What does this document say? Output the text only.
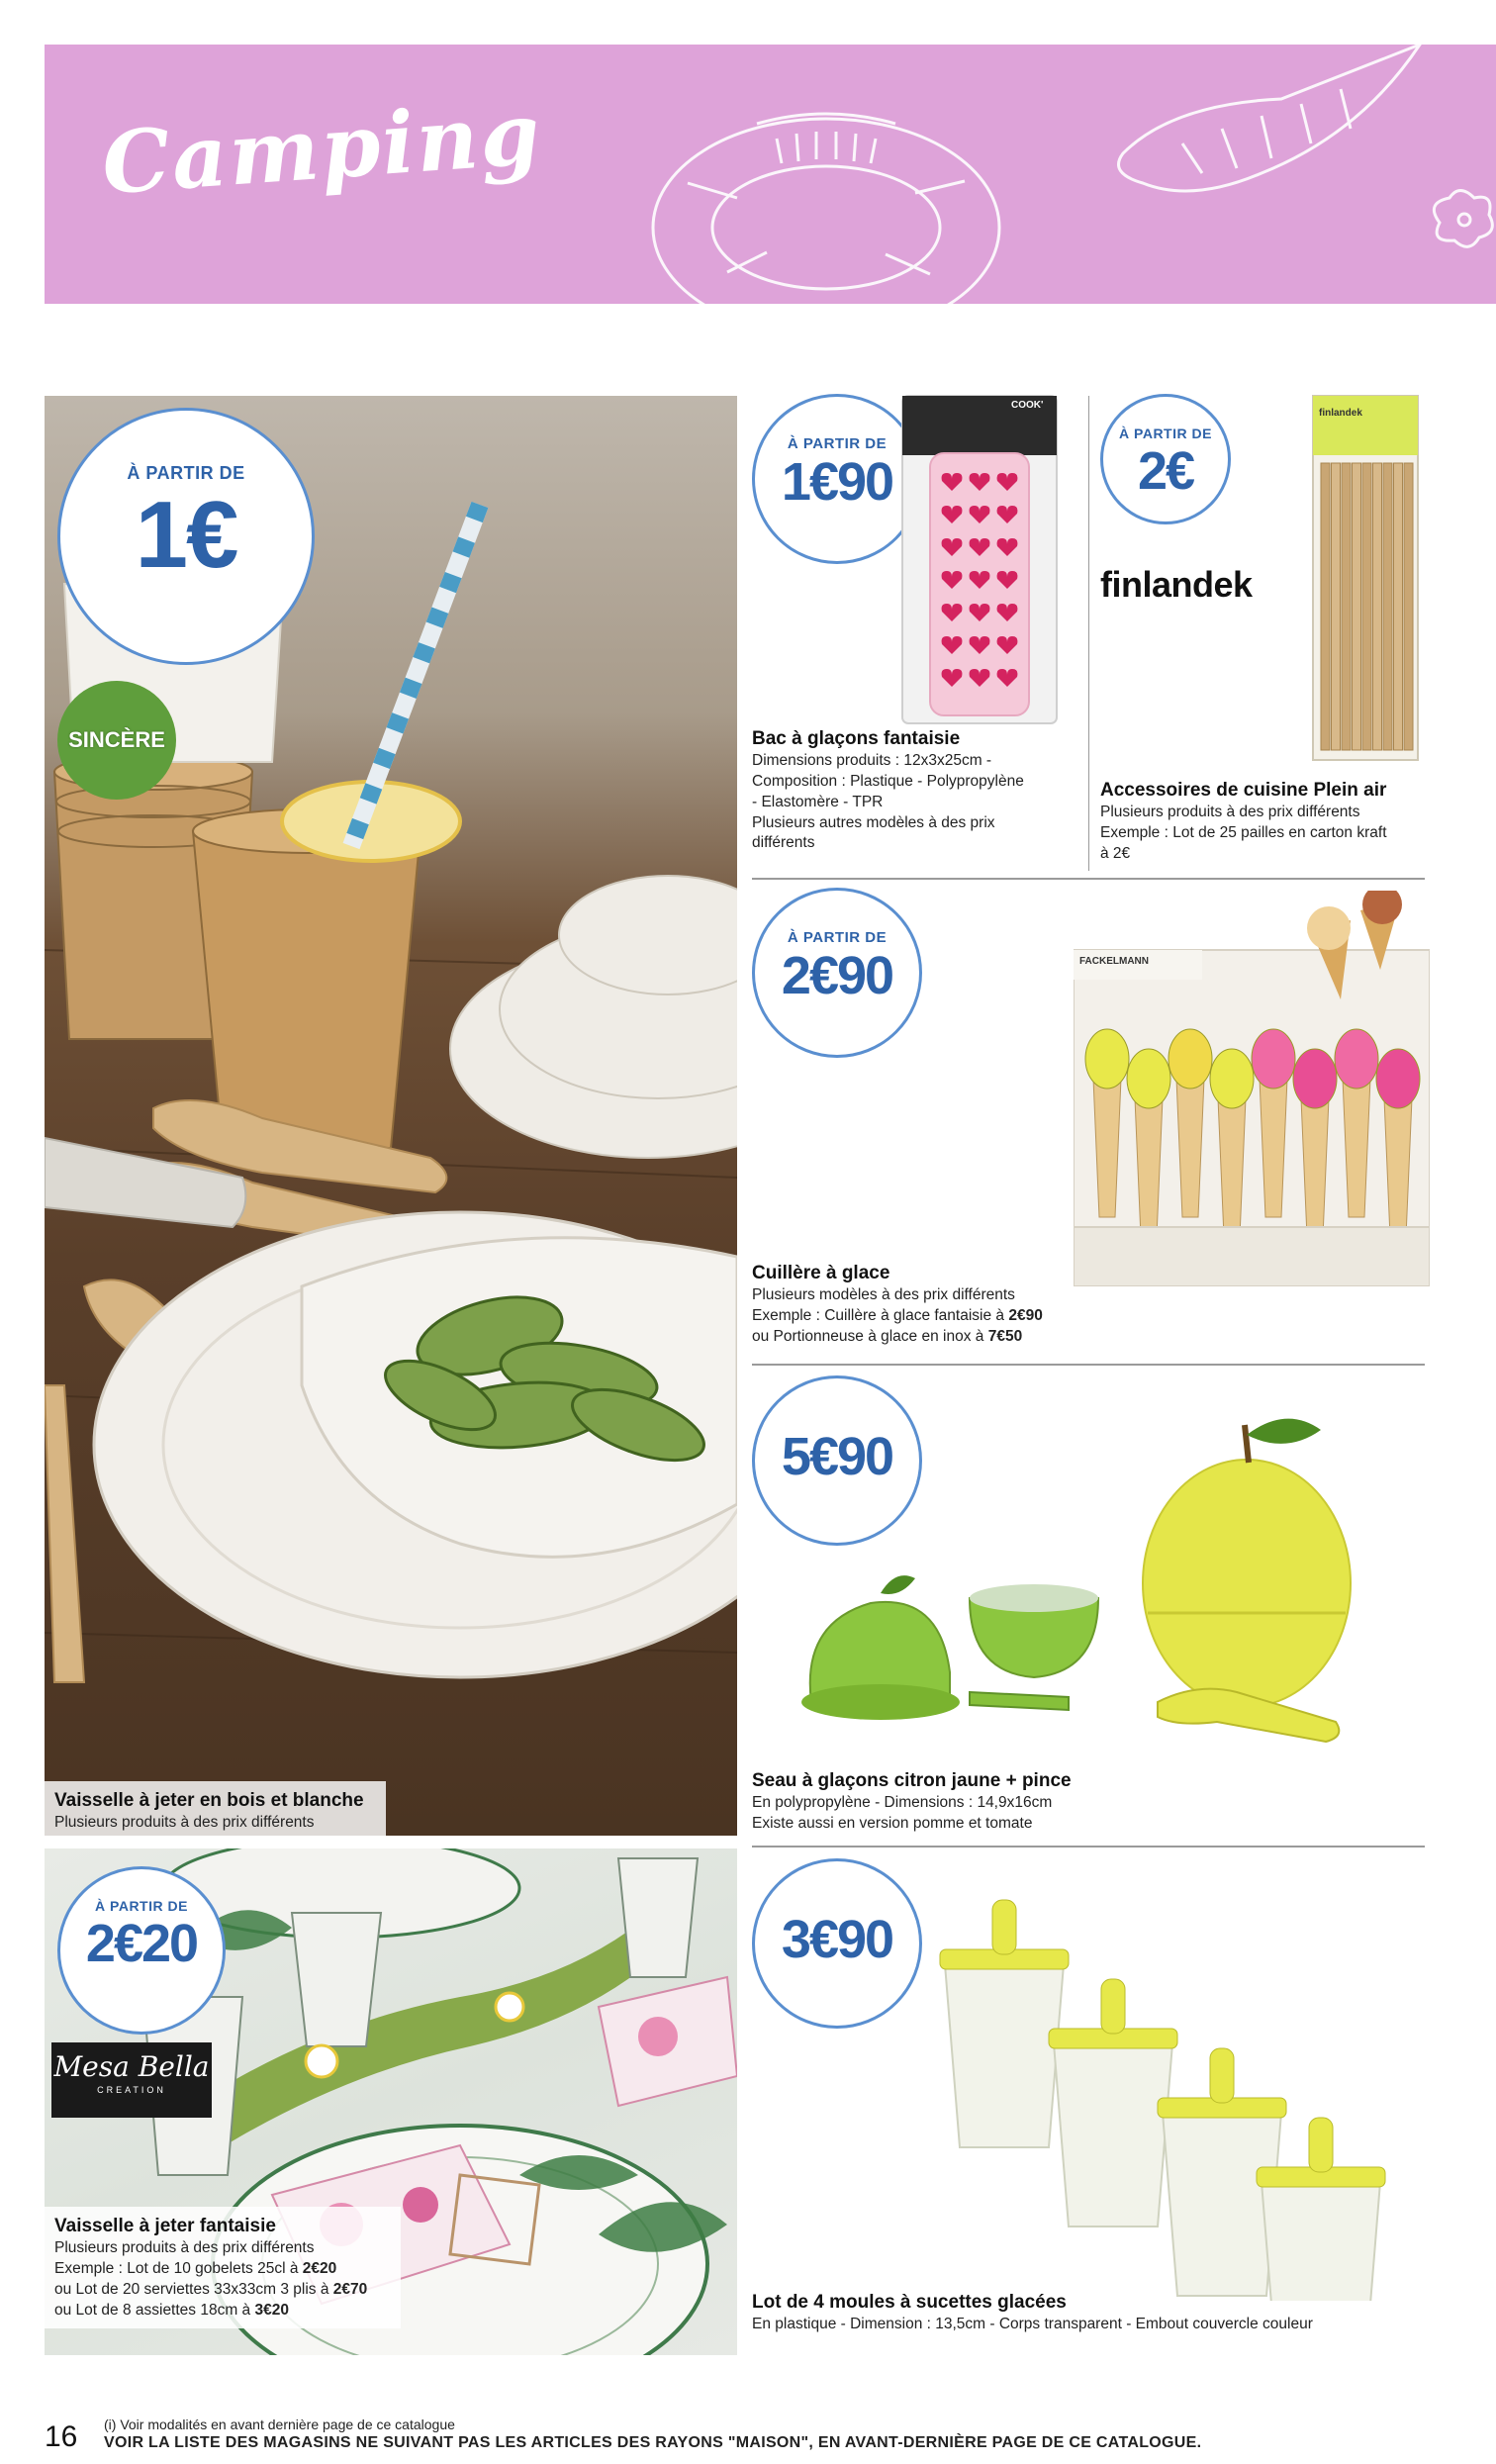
Camping
À PARTIR DE
1€
SINCÈRE
Vaisselle à jeter en bois et blanche
Plusieurs produits à des prix différents
À PARTIR DE
2€20
Mesa Bella
CREATION
Vaisselle à jeter fantaisie
Plusieurs produits à des prix différents
Exemple : Lot de 10 gobelets 25cl à 2€20
ou Lot de 20 serviettes 33x33cm 3 plis à 2€70
ou Lot de 8 assiettes 18cm à 3€20
À PARTIR DE
1€90
COOK'
Bac à glaçons fantaisie
Dimensions produits : 12x3x25cm -
Composition : Plastique - Polypropylène
- Elastomère - TPR
Plusieurs autres modèles à des prix
différents
À PARTIR DE
2€
finlandek
finlandek
Accessoires de cuisine Plein air
Plusieurs produits à des prix différents
Exemple : Lot de 25 pailles en carton kraft
à 2€
À PARTIR DE
2€90	FACKELMANN
Cuillère à glace
Plusieurs modèles à des prix différents
Exemple : Cuillère à glace fantaisie à 2€90
ou Portionneuse à glace en inox à 7€50
5€90
Seau à glaçons citron jaune + pince
En polypropylène - Dimensions : 14,9x16cm
Existe aussi en version pomme et tomate
3€90
Lot de 4 moules à sucettes glacées
En plastique - Dimension : 13,5cm - Corps transparent - Embout couvercle couleur
16 (i) Voir modalités en avant dernière page de ce catalogue
VOIR LA LISTE DES MAGASINS NE SUIVANT PAS LES ARTICLES DES RAYONS "MAISON", EN AVANT-DERNIÈRE PAGE DE CE CATALOGUE.
